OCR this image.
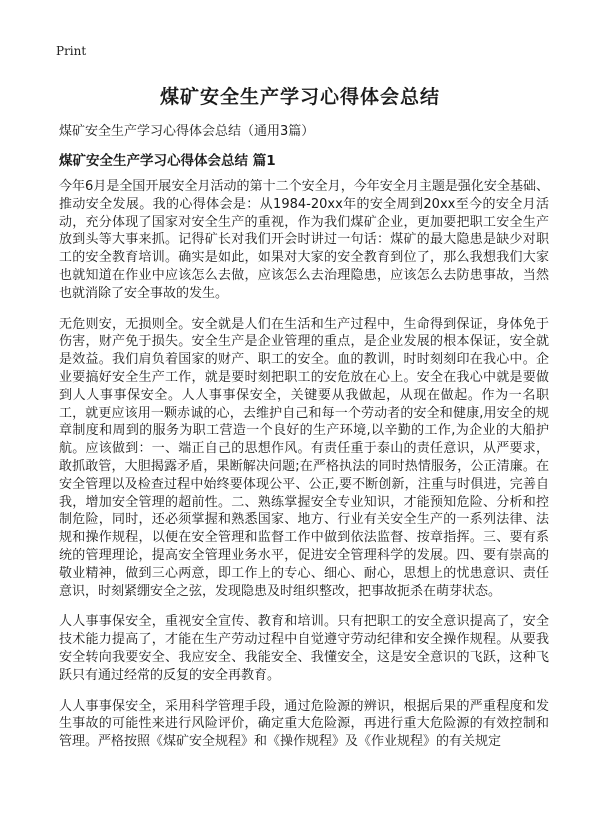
Print
煤矿安全生产学习心得体会总结
煤矿安全生产学习心得体会总结（通用3篇）
煤矿安全生产学习心得体会总结 篇1

今年6月是全国开展安全月活动的第十二个安全月，今年安全月主题是强化安全基础、推动安全发展。我的心得体会是：从1984-20xx年的安全周到20xx至今的安全月活动，充分体现了国家对安全生产的重视，作为我们煤矿企业，更加要把职工安全生产放到头等大事来抓。记得矿长对我们开会时讲过一句话：煤矿的最大隐患是缺少对职工的安全教育培训。确实是如此，如果对大家的安全教育到位了，那么我想我们大家也就知道在作业中应该怎么去做，应该怎么去治理隐患，应该怎么去防患事故，当然也就消除了安全事故的发生。

无危则安，无损则全。安全就是人们在生活和生产过程中，生命得到保证，身体免于伤害，财产免于损失。安全生产是企业管理的重点，是企业发展的根本保证，安全就是效益。我们肩负着国家的财产、职工的安全。血的教训，时时刻刻印在我心中。企业要搞好安全生产工作，就是要时刻把职工的安危放在心上。安全在我心中就是要做到人人事事保安全。人人事事保安全，关键要从我做起，从现在做起。作为一名职工，就更应该用一颗赤诚的心，去维护自己和每一个劳动者的安全和健康,用安全的规章制度和周到的服务为职工营造一个良好的生产环境,以辛勤的工作,为企业的大船护航。应该做到：一、端正自己的思想作风。有责任重于泰山的责任意识，从严要求，敢抓敢管，大胆揭露矛盾，果断解决问题;在严格执法的同时热情服务，公正清廉。在安全管理以及检查过程中始终要体现公平、公正,要不断创新，注重与时俱进，完善自我，增加安全管理的超前性。二、熟练掌握安全专业知识，才能预知危险、分析和控制危险，同时，还必须掌握和熟悉国家、地方、行业有关安全生产的一系列法律、法规和操作规程，以便在安全管理和监督工作中做到依法监督、按章指挥。三、要有系统的管理理论，提高安全管理业务水平，促进安全管理科学的发展。四、要有崇高的敬业精神，做到三心两意，即工作上的专心、细心、耐心，思想上的忧患意识、责任意识，时刻紧绷安全之弦，发现隐患及时组织整改，把事故扼杀在萌芽状态。

人人事事保安全，重视安全宣传、教育和培训。只有把职工的安全意识提高了，安全技术能力提高了，才能在生产劳动过程中自觉遵守劳动纪律和安全操作规程。从要我安全转向我要安全、我应安全、我能安全、我懂安全，这是安全意识的飞跃，这种飞跃只有通过经常的反复的安全再教育。

人人事事保安全，采用科学管理手段，通过危险源的辨识，根据后果的严重程度和发生事故的可能性来进行风险评价，确定重大危险源，再进行重大危险源的有效控制和管理。严格按照《煤矿安全规程》和《操作规程》及《作业规程》的有关规定
